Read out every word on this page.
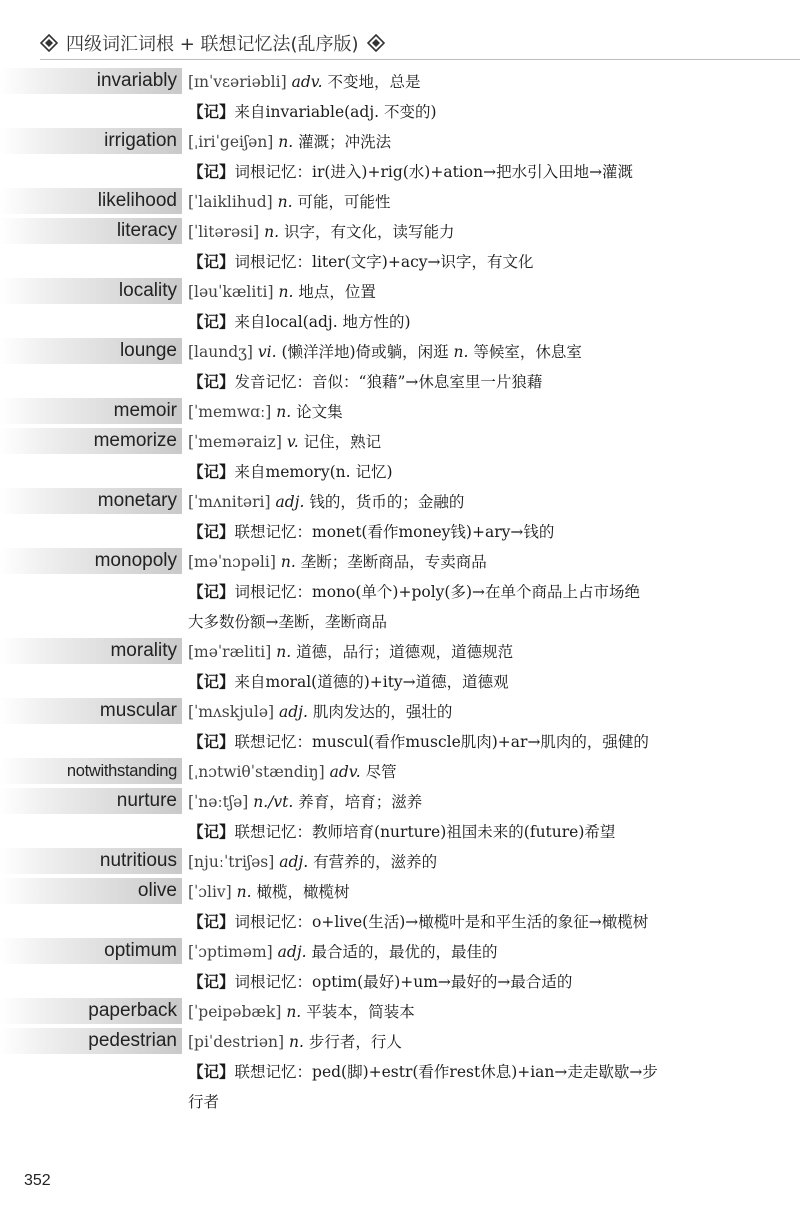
四级词汇词根 + 联想记忆法(乱序版)
invariably [ɪnˈvɛəriəbli] adv. 不变地，总是
【记】 来自invariable(adj. 不变的)
irrigation [ˌiriˈgeiʃən] n. 灌溉；冲洗法
【记】 词根记忆：ir(进入)+rig(水)+ation→把水引入田地→灌溉
likelihood [ˈlaiklihud] n. 可能，可能性
literacy [ˈlitərəsi] n. 识字，有文化，读写能力
【记】 词根记忆：liter(文字)+acy→识字，有文化
locality [ləuˈkæliti] n. 地点，位置
【记】 来自local(adj. 地方性的)
lounge [laundʒ] vi. (懒洋洋地)倚或躺，闲逛 n. 等候室，休息室
【记】 发音记忆：音似：“狼藉”→休息室里一片狼藉
memoir [ˈmemwɑː] n. 论文集
memorize [ˈmeməraiz] v. 记住，熟记
【记】 来自memory(n. 记忆)
monetary [ˈmʌnitəri] adj. 钱的，货币的；金融的
【记】 联想记忆：monet(看作money钱)+ary→钱的
monopoly [məˈnɔpəli] n. 垄断；垄断商品，专卖商品
【记】 词根记忆：mono(单个)+poly(多)→在单个商品上占市场绝
大多数份额→垄断，垄断商品
morality [məˈræliti] n. 道德，品行；道德观，道德规范
【记】 来自moral(道德的)+ity→道德，道德观
muscular [ˈmʌskjulə] adj. 肌肉发达的，强壮的
【记】 联想记忆：muscul(看作muscle肌肉)+ar→肌肉的，强健的
notwithstanding [ˌnɔtwiθˈstændiŋ] adv. 尽管
nurture [ˈnəːtʃə] n./vt. 养育，培育；滋养
【记】 联想记忆：教师培育(nurture)祖国未来的(future)希望
nutritious [njuːˈtriʃəs] adj. 有营养的，滋养的
olive [ˈɔliv] n. 橄榄，橄榄树
【记】 词根记忆：o+live(生活)→橄榄叶是和平生活的象征→橄榄树
optimum [ˈɔptiməm] adj. 最合适的，最优的，最佳的
【记】 词根记忆：optim(最好)+um→最好的→最合适的
paperback [ˈpeipəbæk] n. 平装本，简装本
pedestrian [piˈdestriən] n. 步行者，行人
【记】 联想记忆：ped(脚)+estr(看作rest休息)+ian→走走歇歇→步
行者
352
